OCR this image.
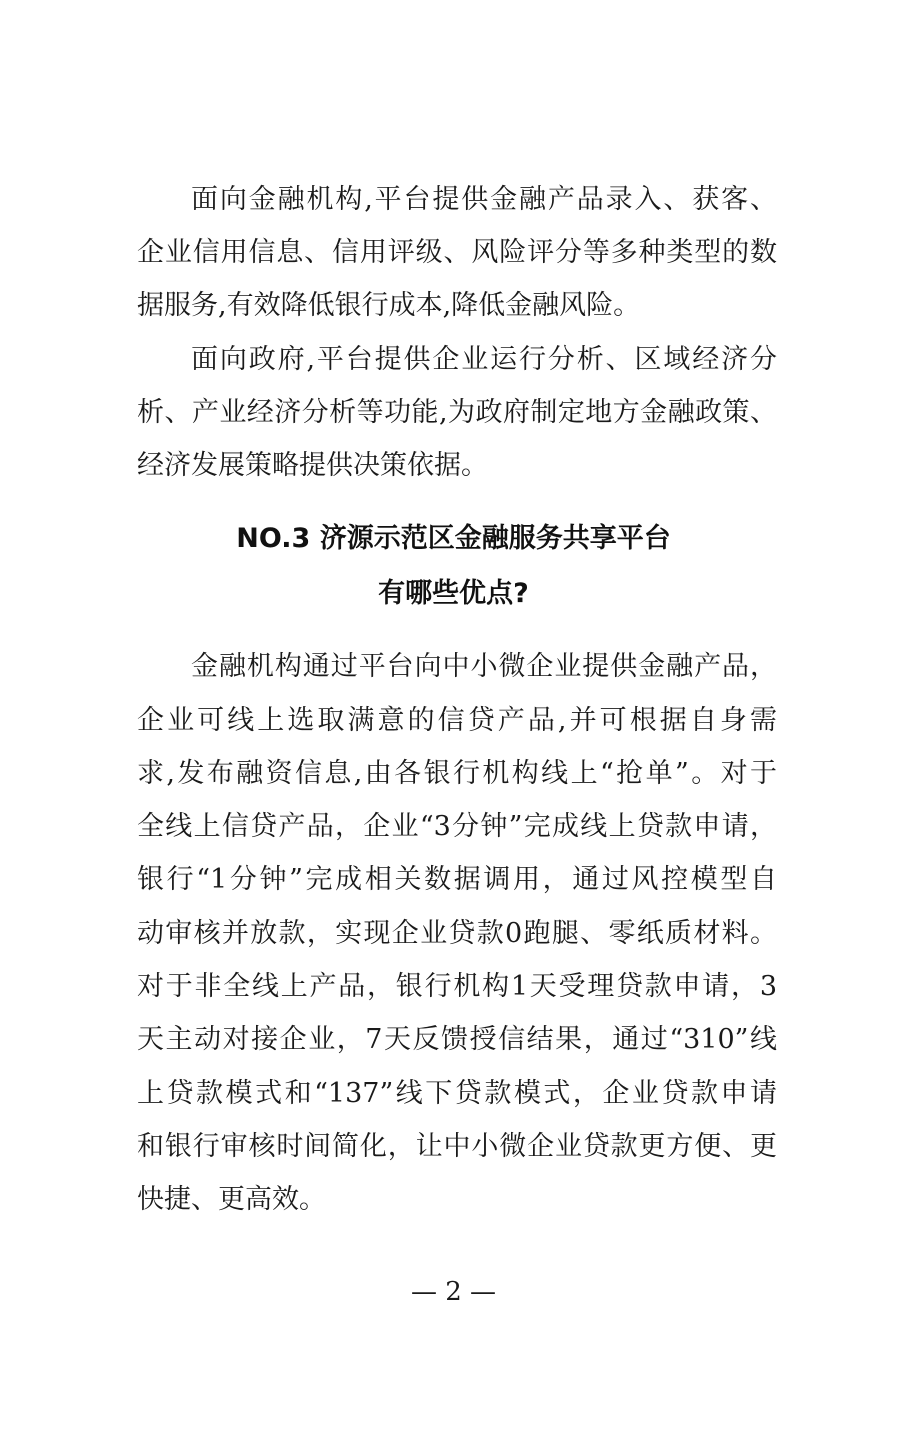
面向金融机构,平台提供金融产品录入、获客、
企业信用信息、信用评级、风险评分等多种类型的数
据服务,有效降低银行成本,降低金融风险。
面向政府,平台提供企业运行分析、区域经济分
析、产业经济分析等功能,为政府制定地方金融政策、
经济发展策略提供决策依据。
NO.3 济源示范区金融服务共享平台
有哪些优点?
金融机构通过平台向中小微企业提供金融产品，
企业可线上选取满意的信贷产品,并可根据自身需
求,发布融资信息,由各银行机构线上“抢单”。对于
全线上信贷产品，企业“3分钟”完成线上贷款申请，
银行“1分钟”完成相关数据调用，通过风控模型自
动审核并放款，实现企业贷款0跑腿、零纸质材料。
对于非全线上产品，银行机构1天受理贷款申请，3
天主动对接企业，7天反馈授信结果，通过“310”线
上贷款模式和“137”线下贷款模式，企业贷款申请
和银行审核时间简化，让中小微企业贷款更方便、更
快捷、更高效。
— 2 —
